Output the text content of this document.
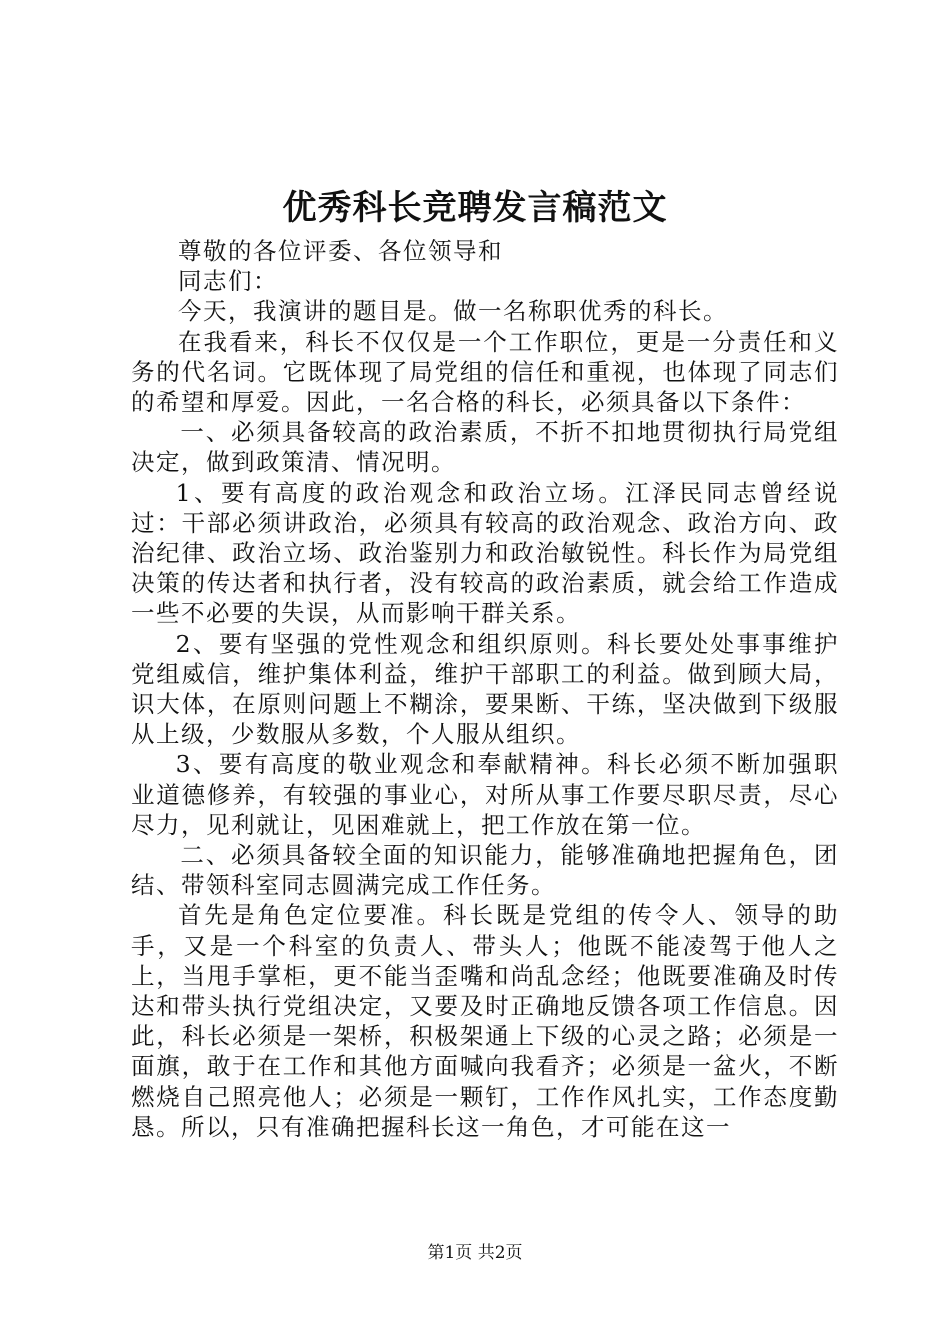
优秀科长竞聘发言稿范文

尊敬的各位评委、各位领导和

同志们：

今天，我演讲的题目是。做一名称职优秀的科长。

在我看来，科长不仅仅是一个工作职位，更是一分责任和义务的代名词。它既体现了局党组的信任和重视，也体现了同志们的希望和厚爱。因此，一名合格的科长，必须具备以下条件：

一、必须具备较高的政治素质，不折不扣地贯彻执行局党组决定，做到政策清、情况明。

1、要有高度的政治观念和政治立场。江泽民同志曾经说过：干部必须讲政治，必须具有较高的政治观念、政治方向、政治纪律、政治立场、政治鉴别力和政治敏锐性。科长作为局党组决策的传达者和执行者，没有较高的政治素质，就会给工作造成一些不必要的失误，从而影响干群关系。

2、要有坚强的党性观念和组织原则。科长要处处事事维护党组威信，维护集体利益，维护干部职工的利益。做到顾大局，识大体，在原则问题上不糊涂，要果断、干练，坚决做到下级服从上级，少数服从多数，个人服从组织。

3、要有高度的敬业观念和奉献精神。科长必须不断加强职业道德修养，有较强的事业心，对所从事工作要尽职尽责，尽心尽力，见利就让，见困难就上，把工作放在第一位。

二、必须具备较全面的知识能力，能够准确地把握角色，团结、带领科室同志圆满完成工作任务。

首先是角色定位要准。科长既是党组的传令人、领导的助手，又是一个科室的负责人、带头人；他既不能凌驾于他人之上，当甩手掌柜，更不能当歪嘴和尚乱念经；他既要准确及时传达和带头执行党组决定，又要及时正确地反馈各项工作信息。因此，科长必须是一架桥，积极架通上下级的心灵之路；必须是一面旗，敢于在工作和其他方面喊向我看齐；必须是一盆火，不断燃烧自己照亮他人；必须是一颗钉，工作作风扎实，工作态度勤恳。所以，只有准确把握科长这一角色，才可能在这一

第1页 共2页
